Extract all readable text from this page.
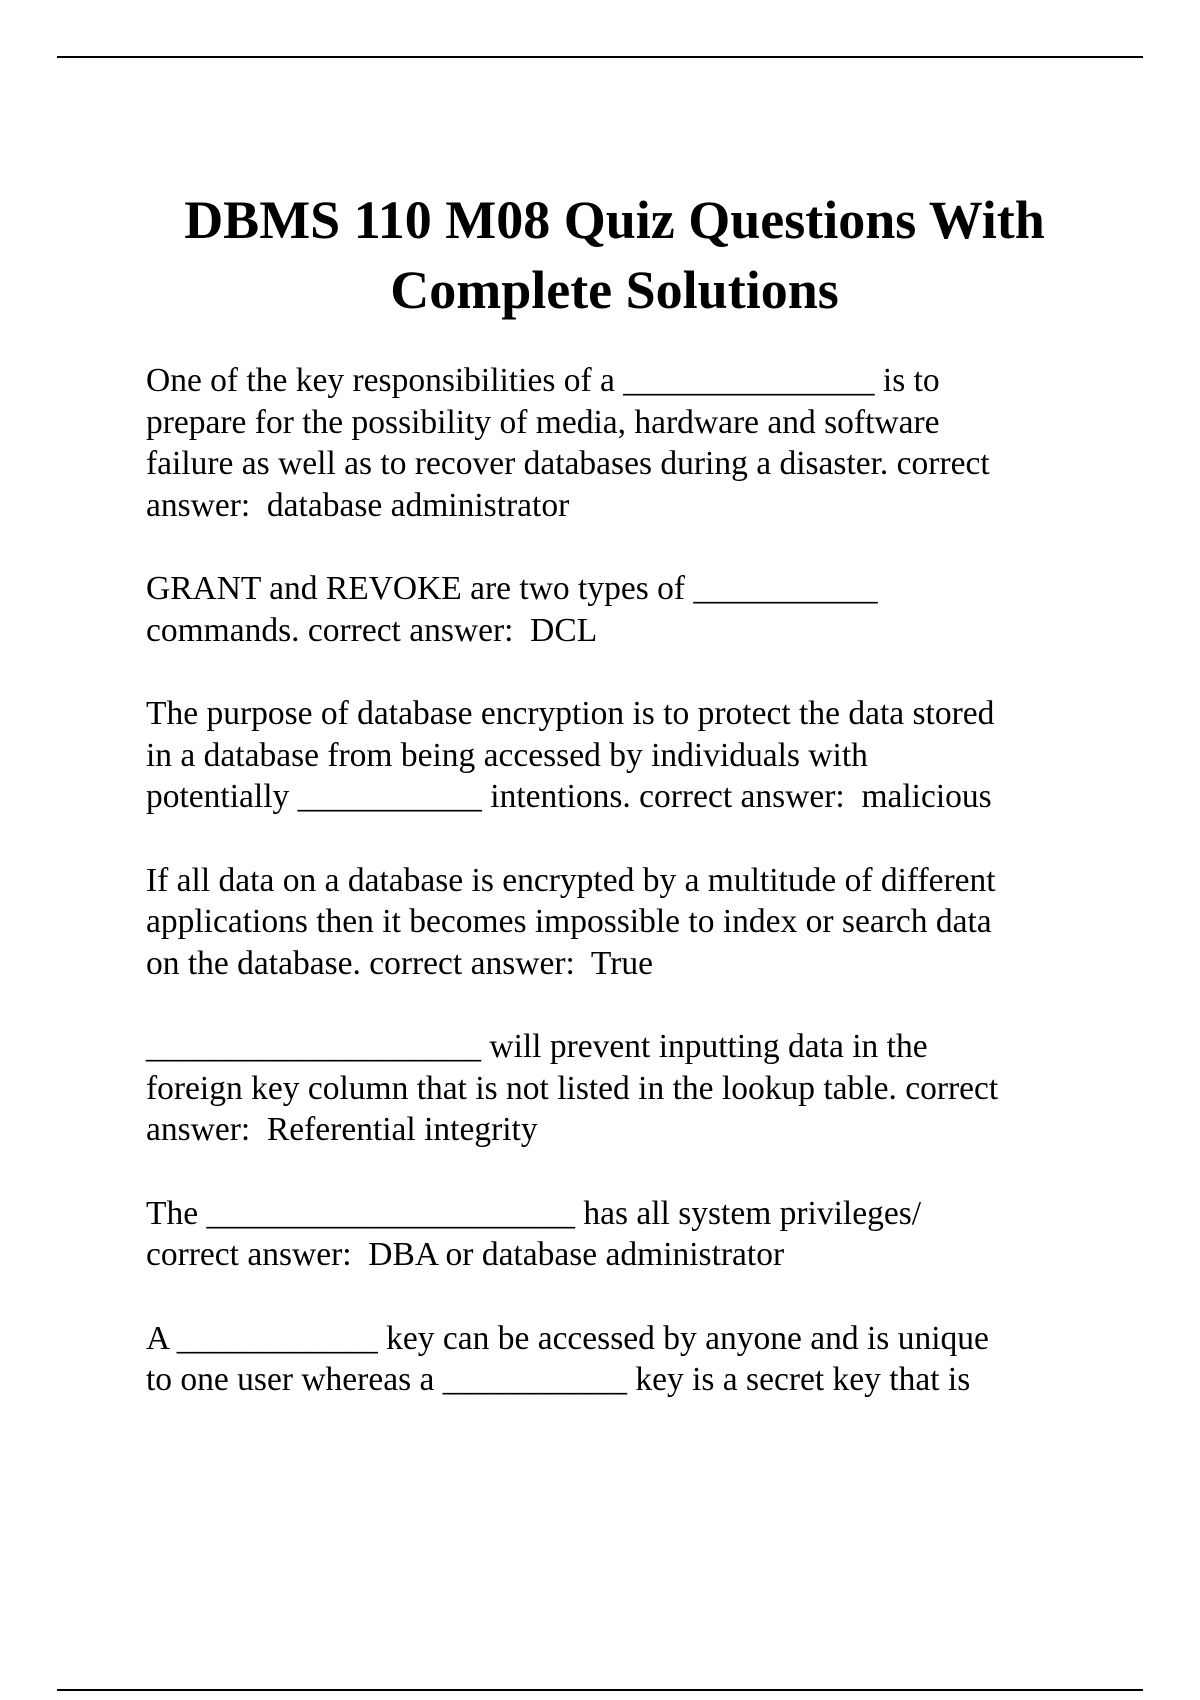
DBMS 110 M08 Quiz Questions With
Complete Solutions

One of the key responsibilities of a _______________ is to
prepare for the possibility of media, hardware and software
failure as well as to recover databases during a disaster. correct
answer:  database administrator

GRANT and REVOKE are two types of ___________
commands. correct answer:  DCL

The purpose of database encryption is to protect the data stored
in a database from being accessed by individuals with
potentially ___________ intentions. correct answer:  malicious

If all data on a database is encrypted by a multitude of different
applications then it becomes impossible to index or search data
on the database. correct answer:  True

____________________ will prevent inputting data in the
foreign key column that is not listed in the lookup table. correct
answer:  Referential integrity

The ______________________ has all system privileges/
correct answer:  DBA or database administrator

A ____________ key can be accessed by anyone and is unique
to one user whereas a ___________ key is a secret key that is
